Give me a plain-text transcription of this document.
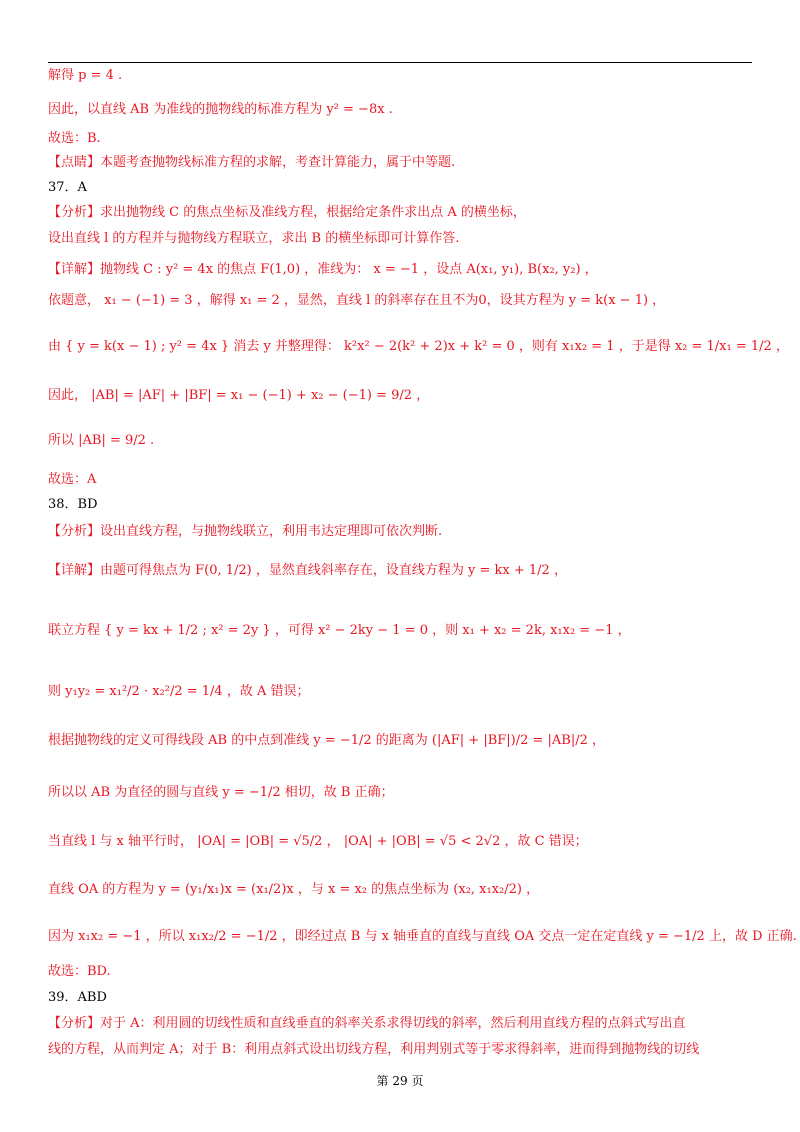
解得 p = 4 .
因此，以直线 AB 为准线的抛物线的标准方程为 y² = −8x .
故选：B.
【点睛】本题考查抛物线标准方程的求解，考查计算能力，属于中等题.
37．A
【分析】求出抛物线 C 的焦点坐标及准线方程，根据给定条件求出点 A 的横坐标，
设出直线 l 的方程并与抛物线方程联立，求出 B 的横坐标即可计算作答.
【详解】抛物线 C : y² = 4x 的焦点 F(1,0) ，准线为： x = −1 ，设点 A(x₁, y₁), B(x₂, y₂) ，
依题意， x₁ − (−1) = 3 ，解得 x₁ = 2 ，显然，直线 l 的斜率存在且不为0，设其方程为 y = k(x − 1) ，
由 { y = k(x − 1) ; y² = 4x } 消去 y 并整理得： k²x² − 2(k² + 2)x + k² = 0 ，则有 x₁x₂ = 1 ，于是得 x₂ = 1/x₁ = 1/2 ，
因此， |AB| = |AF| + |BF| = x₁ − (−1) + x₂ − (−1) = 9/2 ，
所以 |AB| = 9/2 .
故选：A
38．BD
【分析】设出直线方程，与抛物线联立，利用韦达定理即可依次判断.
【详解】由题可得焦点为 F(0, 1/2) ，显然直线斜率存在，设直线方程为 y = kx + 1/2 ，
联立方程 { y = kx + 1/2 ; x² = 2y } ，可得 x² − 2ky − 1 = 0 ，则 x₁ + x₂ = 2k, x₁x₂ = −1 ，
则 y₁y₂ = x₁²/2 · x₂²/2 = 1/4 ，故 A 错误；
根据抛物线的定义可得线段 AB 的中点到准线 y = −1/2 的距离为 (|AF| + |BF|)/2 = |AB|/2 ，
所以以 AB 为直径的圆与直线 y = −1/2 相切，故 B 正确；
当直线 l 与 x 轴平行时， |OA| = |OB| = √5/2 ， |OA| + |OB| = √5 < 2√2 ，故 C 错误；
直线 OA 的方程为 y = (y₁/x₁)x = (x₁/2)x ，与 x = x₂ 的焦点坐标为 (x₂, x₁x₂/2) ，
因为 x₁x₂ = −1 ，所以 x₁x₂/2 = −1/2 ，即经过点 B 与 x 轴垂直的直线与直线 OA 交点一定在定直线 y = −1/2 上，故 D 正确.
故选：BD.
39．ABD
【分析】对于 A：利用圆的切线性质和直线垂直的斜率关系求得切线的斜率，然后利用直线方程的点斜式写出直
线的方程，从而判定 A；对于 B：利用点斜式设出切线方程，利用判别式等于零求得斜率，进而得到抛物线的切线
第 29 页
